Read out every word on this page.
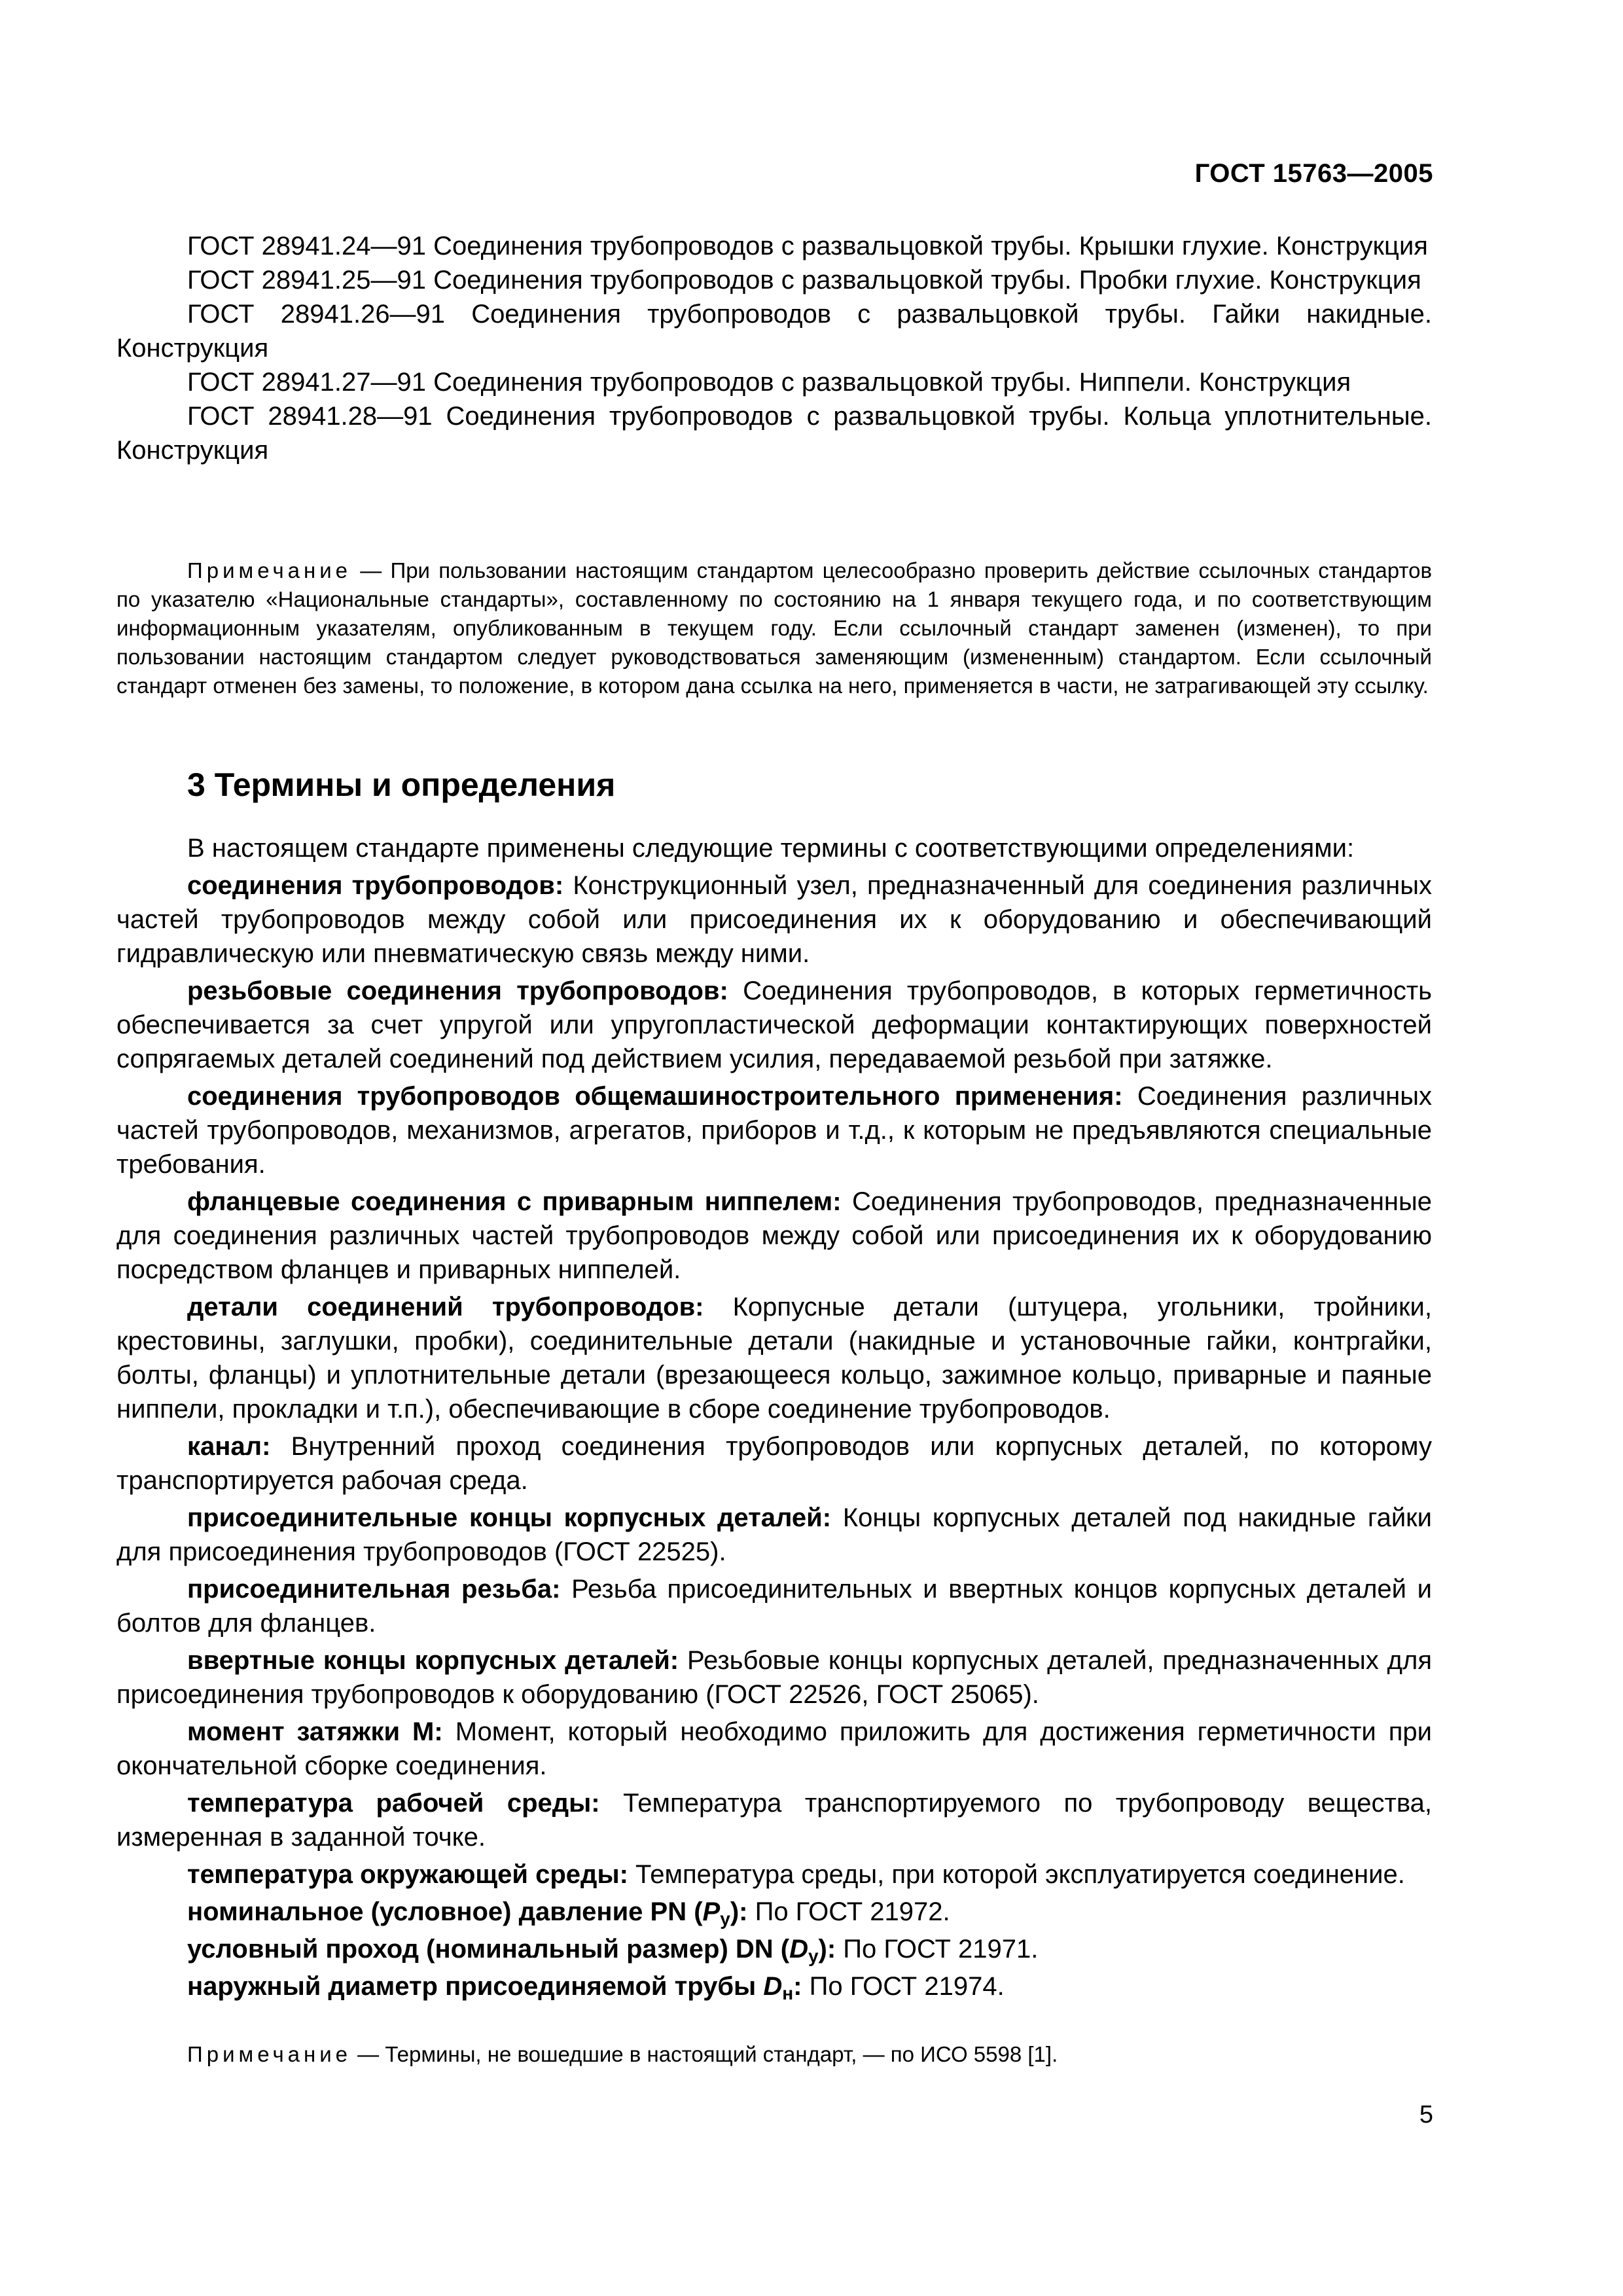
ГОСТ 15763—2005

ГОСТ 28941.24—91 Соединения трубопроводов с развальцовкой трубы. Крышки глухие. Конструкция

ГОСТ 28941.25—91 Соединения трубопроводов с развальцовкой трубы. Пробки глухие. Конструкция

ГОСТ 28941.26—91 Соединения трубопроводов с развальцовкой трубы. Гайки накидные. Конструкция

ГОСТ 28941.27—91 Соединения трубопроводов с развальцовкой трубы. Ниппели. Конструкция

ГОСТ 28941.28—91 Соединения трубопроводов с развальцовкой трубы. Кольца уплотнительные. Конструкция

Примечание — При пользовании настоящим стандартом целесообразно проверить действие ссылочных стандартов по указателю «Национальные стандарты», составленному по состоянию на 1 января текущего года, и по соответствующим информационным указателям, опубликованным в текущем году. Если ссылочный стандарт заменен (изменен), то при пользовании настоящим стандартом следует руководствоваться заменяющим (измененным) стандартом. Если ссылочный стандарт отменен без замены, то положение, в котором дана ссылка на него, применяется в части, не затрагивающей эту ссылку.

3 Термины и определения

В настоящем стандарте применены следующие термины с соответствующими определениями:

соединения трубопроводов: Конструкционный узел, предназначенный для соединения различных частей трубопроводов между собой или присоединения их к оборудованию и обеспечивающий гидравлическую или пневматическую связь между ними.

резьбовые соединения трубопроводов: Соединения трубопроводов, в которых герметичность обеспечивается за счет упругой или упругопластической деформации контактирующих поверхностей сопрягаемых деталей соединений под действием усилия, передаваемой резьбой при затяжке.

соединения трубопроводов общемашиностроительного применения: Соединения различных частей трубопроводов, механизмов, агрегатов, приборов и т.д., к которым не предъявляются специальные требования.

фланцевые соединения с приварным ниппелем: Соединения трубопроводов, предназначенные для соединения различных частей трубопроводов между собой или присоединения их к оборудованию посредством фланцев и приварных ниппелей.

детали соединений трубопроводов: Корпусные детали (штуцера, угольники, тройники, крестовины, заглушки, пробки), соединительные детали (накидные и установочные гайки, контргайки, болты, фланцы) и уплотнительные детали (врезающееся кольцо, зажимное кольцо, приварные и паяные ниппели, прокладки и т.п.), обеспечивающие в сборе соединение трубопроводов.

канал: Внутренний проход соединения трубопроводов или корпусных деталей, по которому транспортируется рабочая среда.

присоединительные концы корпусных деталей: Концы корпусных деталей под накидные гайки для присоединения трубопроводов (ГОСТ 22525).

присоединительная резьба: Резьба присоединительных и ввертных концов корпусных деталей и болтов для фланцев.

ввертные концы корпусных деталей: Резьбовые концы корпусных деталей, предназначенных для присоединения трубопроводов к оборудованию (ГОСТ 22526, ГОСТ 25065).

момент затяжки M: Момент, который необходимо приложить для достижения герметичности при окончательной сборке соединения.

температура рабочей среды: Температура транспортируемого по трубопроводу вещества, измеренная в заданной точке.

температура окружающей среды: Температура среды, при которой эксплуатируется соединение.

номинальное (условное) давление PN $(P_у)$: По ГОСТ 21972.

условный проход (номинальный размер) DN $(D_у)$: По ГОСТ 21971.

наружный диаметр присоединяемой трубы $D_н$: По ГОСТ 21974.

Примечание — Термины, не вошедшие в настоящий стандарт, — по ИСО 5598 [1].

5
